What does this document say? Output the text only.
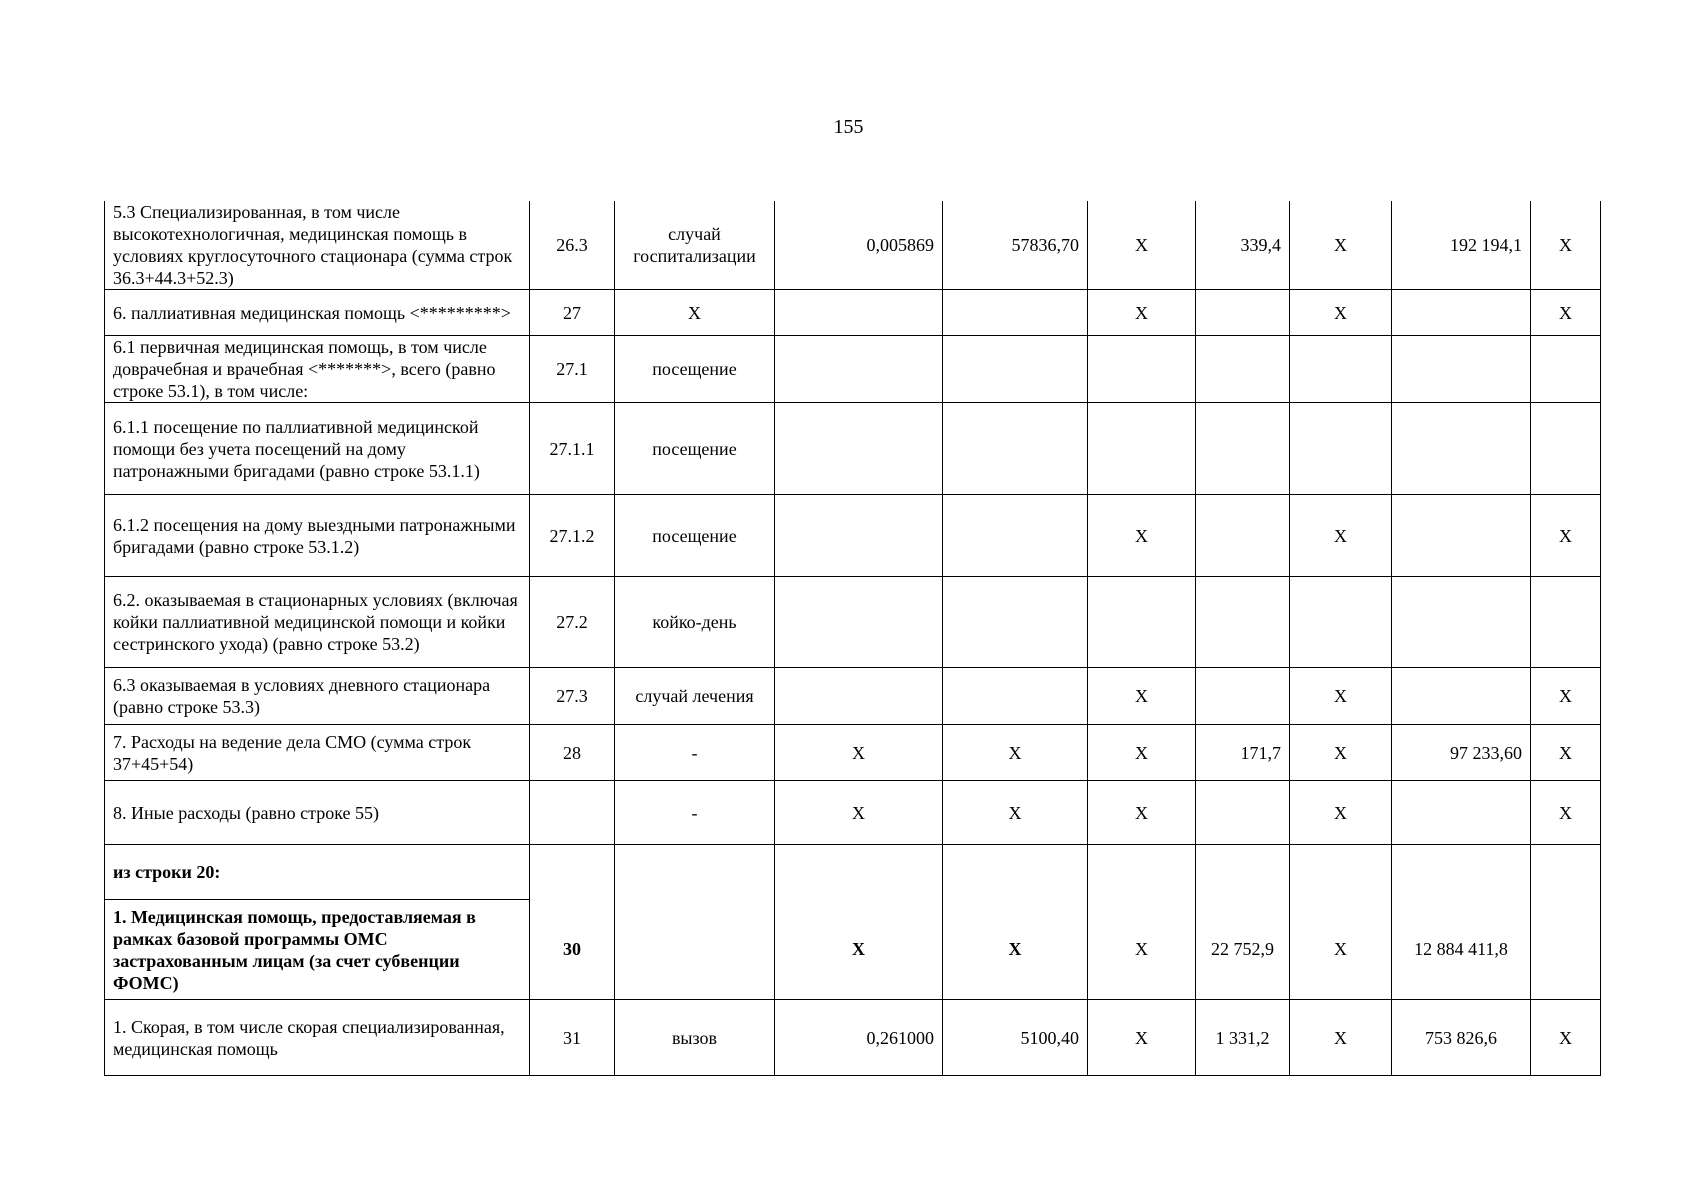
155
5.3 Специализированная, в том числе высокотехнологичная, медицинская помощь в условиях круглосуточного стационара (сумма строк 36.3+44.3+52.3)	26.3	случай госпитализации	0,005869	57836,70	X	339,4	X	192 194,1	X
6. паллиативная медицинская помощь <*********>	27	X			X		X		X
6.1 первичная медицинская помощь, в том числе доврачебная и врачебная <*******>, всего (равно строке 53.1), в том числе:	27.1	посещение							
6.1.1 посещение по паллиативной медицинской помощи без учета посещений на дому патронажными бригадами (равно строке 53.1.1)	27.1.1	посещение							
6.1.2 посещения на дому выездными патронажными бригадами (равно строке 53.1.2)	27.1.2	посещение			X		X		X
6.2. оказываемая в стационарных условиях (включая койки паллиативной медицинской помощи и койки сестринского ухода) (равно строке 53.2)	27.2	койко-день							
6.3 оказываемая в условиях дневного стационара (равно строке 53.3)	27.3	случай лечения			X		X		X
7. Расходы на ведение дела СМО (сумма строк 37+45+54)	28	-	X	X	X	171,7	X	97 233,60	X
8. Иные расходы (равно строке 55)		-	X	X	X		X		X
из строки 20:									
1. Медицинская помощь, предоставляемая в рамках базовой программы ОМС застрахованным лицам (за счет субвенции ФОМС)	30		X	X	X	22 752,9	X	12 884 411,8	
1. Скорая, в том числе скорая специализированная, медицинская помощь	31	вызов	0,261000	5100,40	X	1 331,2	X	753 826,6	X
